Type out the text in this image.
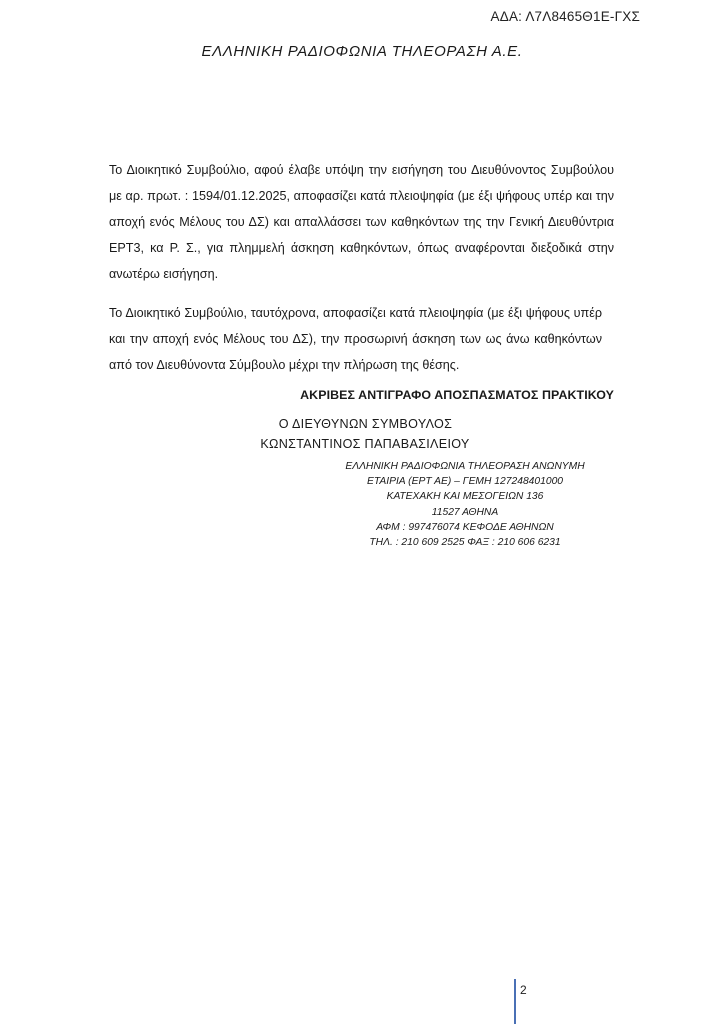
ΑΔΑ: Λ7Λ8465Θ1Ε-ΓΧΣ
ΕΛΛΗΝΙΚΗ ΡΑΔΙΟΦΩΝΙΑ ΤΗΛΕΟΡΑΣΗ Α.Ε.

Το Διοικητικό Συμβούλιο, αφού έλαβε υπόψη την εισήγηση του Διευθύνοντος Συμβούλου με αρ. πρωτ. : 1594/01.12.2025, αποφασίζει κατά πλειοψηφία (με έξι ψήφους υπέρ και την αποχή ενός Μέλους του ΔΣ) και απαλλάσσει των καθηκόντων της την Γενική Διευθύντρια ΕΡΤ3, κα Ρ. Σ., για πλημμελή άσκηση καθηκόντων, όπως αναφέρονται διεξοδικά στην ανωτέρω εισήγηση.

Το Διοικητικό Συμβούλιο, ταυτόχρονα, αποφασίζει κατά πλειοψηφία (με έξι ψήφους υπέρ και την αποχή ενός Μέλους του ΔΣ), την προσωρινή άσκηση των ως άνω καθηκόντων από τον Διευθύνοντα Σύμβουλο μέχρι την πλήρωση της θέσης.

ΑΚΡΙΒΕΣ ΑΝΤΙΓΡΑΦΟ ΑΠΟΣΠΑΣΜΑΤΟΣ ΠΡΑΚΤΙΚΟΥ
Ο ΔΙΕΥΘΥΝΩΝ ΣΥΜΒΟΥΛΟΣ
ΚΩΝΣΤΑΝΤΙΝΟΣ ΠΑΠΑΒΑΣΙΛΕΙΟΥ
ΕΛΛΗΝΙΚΗ ΡΑΔΙΟΦΩΝΙΑ ΤΗΛΕΟΡΑΣΗ ΑΝΩΝΥΜΗ
ΕΤΑΙΡΙΑ (ΕΡΤ ΑΕ) – ΓΕΜΗ 127248401000
ΚΑΤΕΧΑΚΗ ΚΑΙ ΜΕΣΟΓΕΙΩΝ 136
11527 ΑΘΗΝΑ
ΑΦΜ : 997476074 ΚΕΦΟΔΕ ΑΘΗΝΩΝ
ΤΗΛ. : 210 609 2525 ΦΑΞ : 210 606 6231
2
